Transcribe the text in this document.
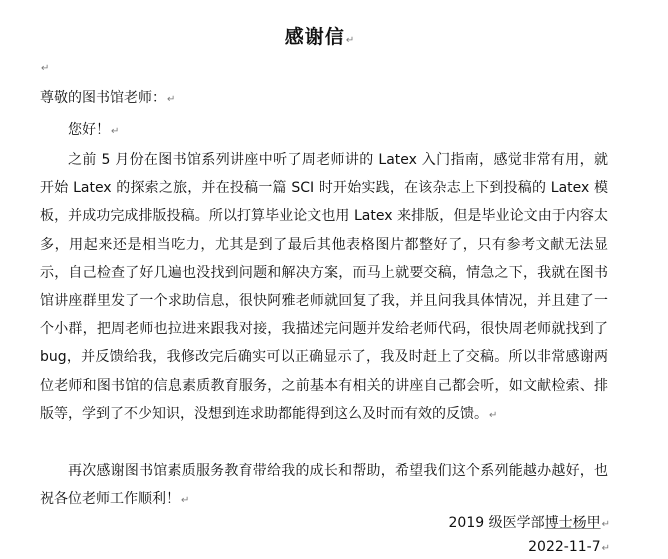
感谢信↵
↵
尊敬的图书馆老师：↵
您好！↵
之前 5 月份在图书馆系列讲座中听了周老师讲的 Latex 入门指南，感觉非常有用，就开始 Latex 的探索之旅，并在投稿一篇 SCI 时开始实践，在该杂志上下到投稿的 Latex 模板，并成功完成排版投稿。所以打算毕业论文也用 Latex 来排版，但是毕业论文由于内容太多，用起来还是相当吃力，尤其是到了最后其他表格图片都整好了，只有参考文献无法显示，自己检查了好几遍也没找到问题和解决方案，而马上就要交稿，情急之下，我就在图书馆讲座群里发了一个求助信息，很快阿雅老师就回复了我，并且问我具体情况，并且建了一个小群，把周老师也拉进来跟我对接，我描述完问题并发给老师代码，很快周老师就找到了 bug，并反馈给我，我修改完后确实可以正确显示了，我及时赶上了交稿。所以非常感谢两位老师和图书馆的信息素质教育服务，之前基本有相关的讲座自己都会听，如文献检索、排版等，学到了不少知识，没想到连求助都能得到这么及时而有效的反馈。↵
再次感谢图书馆素质服务教育带给我的成长和帮助，希望我们这个系列能越办越好，也祝各位老师工作顺利！↵
2019 级医学部博士杨甲↵
2022-11-7↵
